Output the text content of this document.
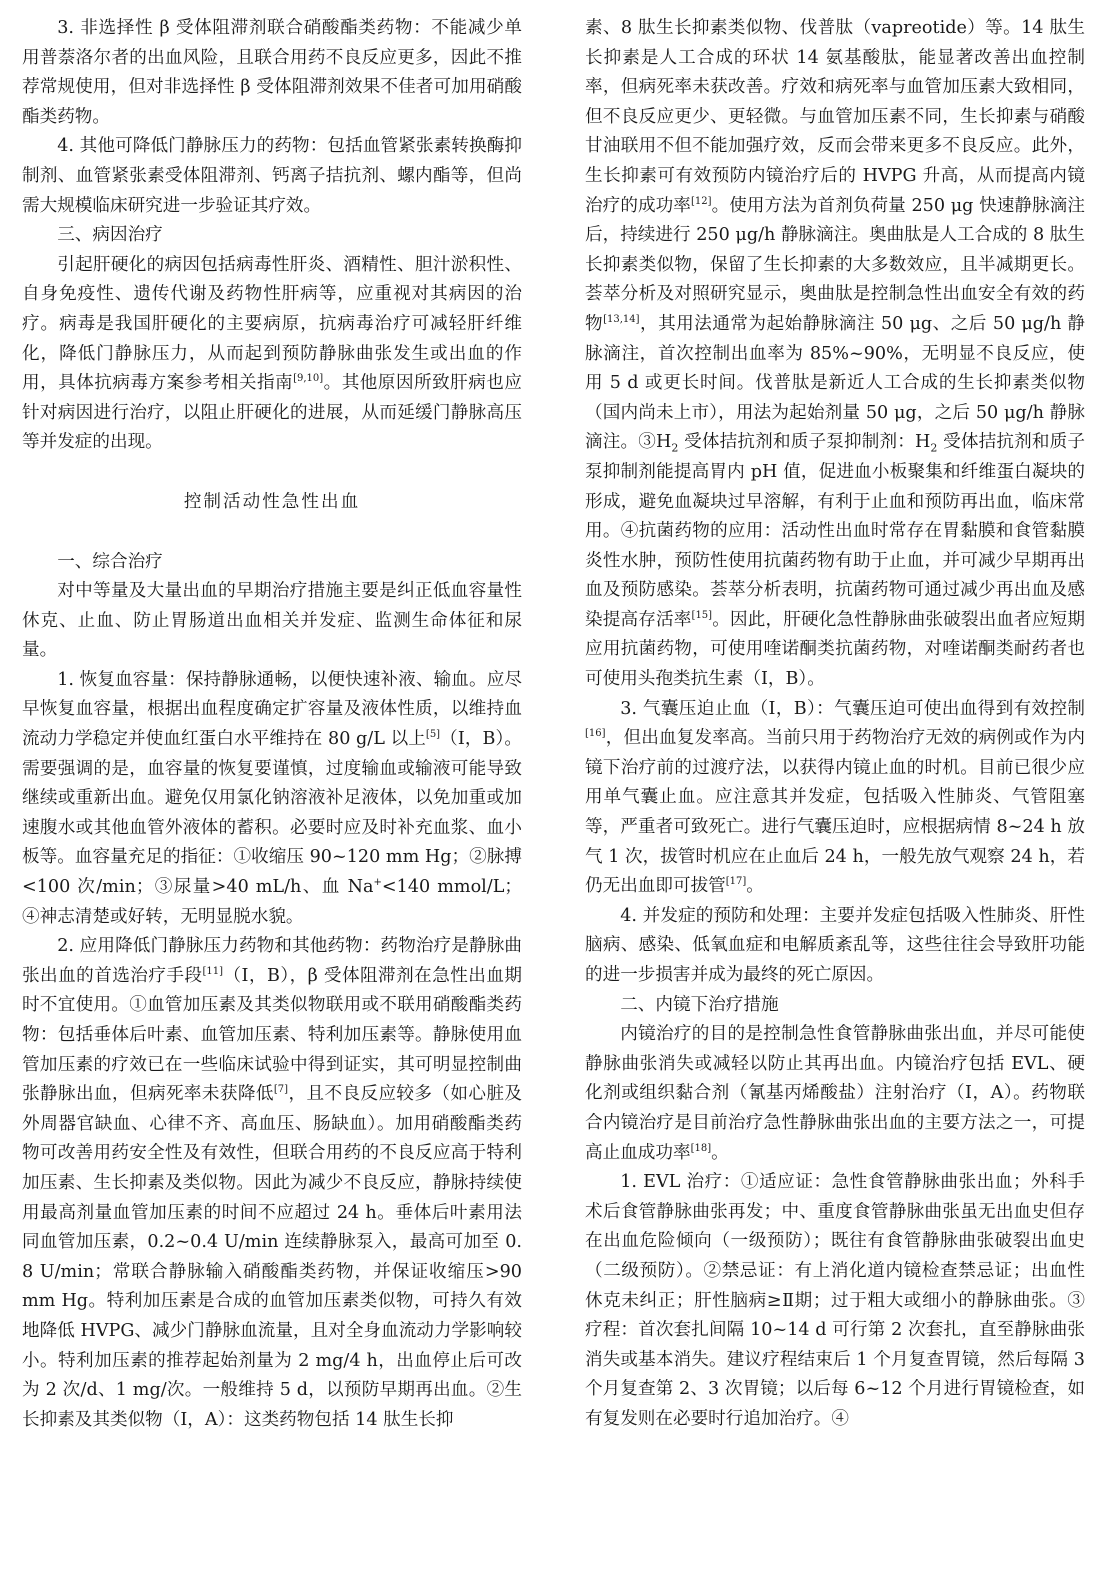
3. 非选择性 β 受体阻滞剂联合硝酸酯类药物：不能减少单用普萘洛尔者的出血风险，且联合用药不良反应更多，因此不推荐常规使用，但对非选择性 β 受体阻滞剂效果不佳者可加用硝酸酯类药物。

4. 其他可降低门静脉压力的药物：包括血管紧张素转换酶抑制剂、血管紧张素受体阻滞剂、钙离子拮抗剂、螺内酯等，但尚需大规模临床研究进一步验证其疗效。

三、病因治疗

引起肝硬化的病因包括病毒性肝炎、酒精性、胆汁淤积性、自身免疫性、遗传代谢及药物性肝病等，应重视对其病因的治疗。病毒是我国肝硬化的主要病原，抗病毒治疗可减轻肝纤维化，降低门静脉压力，从而起到预防静脉曲张发生或出血的作用，具体抗病毒方案参考相关指南[9,10]。其他原因所致肝病也应针对病因进行治疗，以阻止肝硬化的进展，从而延缓门静脉高压等并发症的出现。

控制活动性急性出血
一、综合治疗

对中等量及大量出血的早期治疗措施主要是纠正低血容量性休克、止血、防止胃肠道出血相关并发症、监测生命体征和尿量。

1. 恢复血容量：保持静脉通畅，以便快速补液、输血。应尽早恢复血容量，根据出血程度确定扩容量及液体性质，以维持血流动力学稳定并使血红蛋白水平维持在 80 g/L 以上[5]（Ⅰ，B）。需要强调的是，血容量的恢复要谨慎，过度输血或输液可能导致继续或重新出血。避免仅用氯化钠溶液补足液体，以免加重或加速腹水或其他血管外液体的蓄积。必要时应及时补充血浆、血小板等。血容量充足的指征：①收缩压 90~120 mm Hg；②脉搏<100 次/min；③尿量>40 mL/h、血 Na+<140 mmol/L；④神志清楚或好转，无明显脱水貌。

2. 应用降低门静脉压力药物和其他药物：药物治疗是静脉曲张出血的首选治疗手段[11]（Ⅰ，B），β 受体阻滞剂在急性出血期时不宜使用。①血管加压素及其类似物联用或不联用硝酸酯类药物：包括垂体后叶素、血管加压素、特利加压素等。静脉使用血管加压素的疗效已在一些临床试验中得到证实，其可明显控制曲张静脉出血，但病死率未获降低[7]，且不良反应较多（如心脏及外周器官缺血、心律不齐、高血压、肠缺血）。加用硝酸酯类药物可改善用药安全性及有效性，但联合用药的不良反应高于特利加压素、生长抑素及类似物。因此为减少不良反应，静脉持续使用最高剂量血管加压素的时间不应超过 24 h。垂体后叶素用法同血管加压素，0.2~0.4 U/min 连续静脉泵入，最高可加至 0.8 U/min；常联合静脉输入硝酸酯类药物，并保证收缩压>90 mm Hg。特利加压素是合成的血管加压素类似物，可持久有效地降低 HVPG、减少门静脉血流量，且对全身血流动力学影响较小。特利加压素的推荐起始剂量为 2 mg/4 h，出血停止后可改为 2 次/d、1 mg/次。一般维持 5 d，以预防早期再出血。②生长抑素及其类似物（Ⅰ，A）：这类药物包括 14 肽生长抑

素、8 肽生长抑素类似物、伐普肽（vapreotide）等。14 肽生长抑素是人工合成的环状 14 氨基酸肽，能显著改善出血控制率，但病死率未获改善。疗效和病死率与血管加压素大致相同，但不良反应更少、更轻微。与血管加压素不同，生长抑素与硝酸甘油联用不但不能加强疗效，反而会带来更多不良反应。此外，生长抑素可有效预防内镜治疗后的 HVPG 升高，从而提高内镜治疗的成功率[12]。使用方法为首剂负荷量 250 μg 快速静脉滴注后，持续进行 250 μg/h 静脉滴注。奥曲肽是人工合成的 8 肽生长抑素类似物，保留了生长抑素的大多数效应，且半减期更长。荟萃分析及对照研究显示，奥曲肽是控制急性出血安全有效的药物[13,14]，其用法通常为起始静脉滴注 50 μg、之后 50 μg/h 静脉滴注，首次控制出血率为 85%~90%，无明显不良反应，使用 5 d 或更长时间。伐普肽是新近人工合成的生长抑素类似物（国内尚未上市），用法为起始剂量 50 μg，之后 50 μg/h 静脉滴注。$③H_2$ 受体拮抗剂和质子泵抑制剂：$H_2$ 受体拮抗剂和质子泵抑制剂能提高胃内 pH 值，促进血小板聚集和纤维蛋白凝块的形成，避免血凝块过早溶解，有利于止血和预防再出血，临床常用。④抗菌药物的应用：活动性出血时常存在胃黏膜和食管黏膜炎性水肿，预防性使用抗菌药物有助于止血，并可减少早期再出血及预防感染。荟萃分析表明，抗菌药物可通过减少再出血及感染提高存活率[15]。因此，肝硬化急性静脉曲张破裂出血者应短期应用抗菌药物，可使用喹诺酮类抗菌药物，对喹诺酮类耐药者也可使用头孢类抗生素（Ⅰ，B）。

3. 气囊压迫止血（Ⅰ，B）：气囊压迫可使出血得到有效控制[16]，但出血复发率高。当前只用于药物治疗无效的病例或作为内镜下治疗前的过渡疗法，以获得内镜止血的时机。目前已很少应用单气囊止血。应注意其并发症，包括吸入性肺炎、气管阻塞等，严重者可致死亡。进行气囊压迫时，应根据病情 8~24 h 放气 1 次，拔管时机应在止血后 24 h，一般先放气观察 24 h，若仍无出血即可拔管[17]。

4. 并发症的预防和处理：主要并发症包括吸入性肺炎、肝性脑病、感染、低氧血症和电解质紊乱等，这些往往会导致肝功能的进一步损害并成为最终的死亡原因。

二、内镜下治疗措施

内镜治疗的目的是控制急性食管静脉曲张出血，并尽可能使静脉曲张消失或减轻以防止其再出血。内镜治疗包括 EVL、硬化剂或组织黏合剂（氰基丙烯酸盐）注射治疗（Ⅰ，A）。药物联合内镜治疗是目前治疗急性静脉曲张出血的主要方法之一，可提高止血成功率[18]。

1. EVL 治疗：①适应证：急性食管静脉曲张出血；外科手术后食管静脉曲张再发；中、重度食管静脉曲张虽无出血史但存在出血危险倾向（一级预防）；既往有食管静脉曲张破裂出血史（二级预防）。②禁忌证：有上消化道内镜检查禁忌证；出血性休克未纠正；肝性脑病≥Ⅱ期；过于粗大或细小的静脉曲张。③疗程：首次套扎间隔 10~14 d 可行第 2 次套扎，直至静脉曲张消失或基本消失。建议疗程结束后 1 个月复查胃镜，然后每隔 3 个月复查第 2、3 次胃镜；以后每 6~12 个月进行胃镜检查，如有复发则在必要时行追加治疗。④
